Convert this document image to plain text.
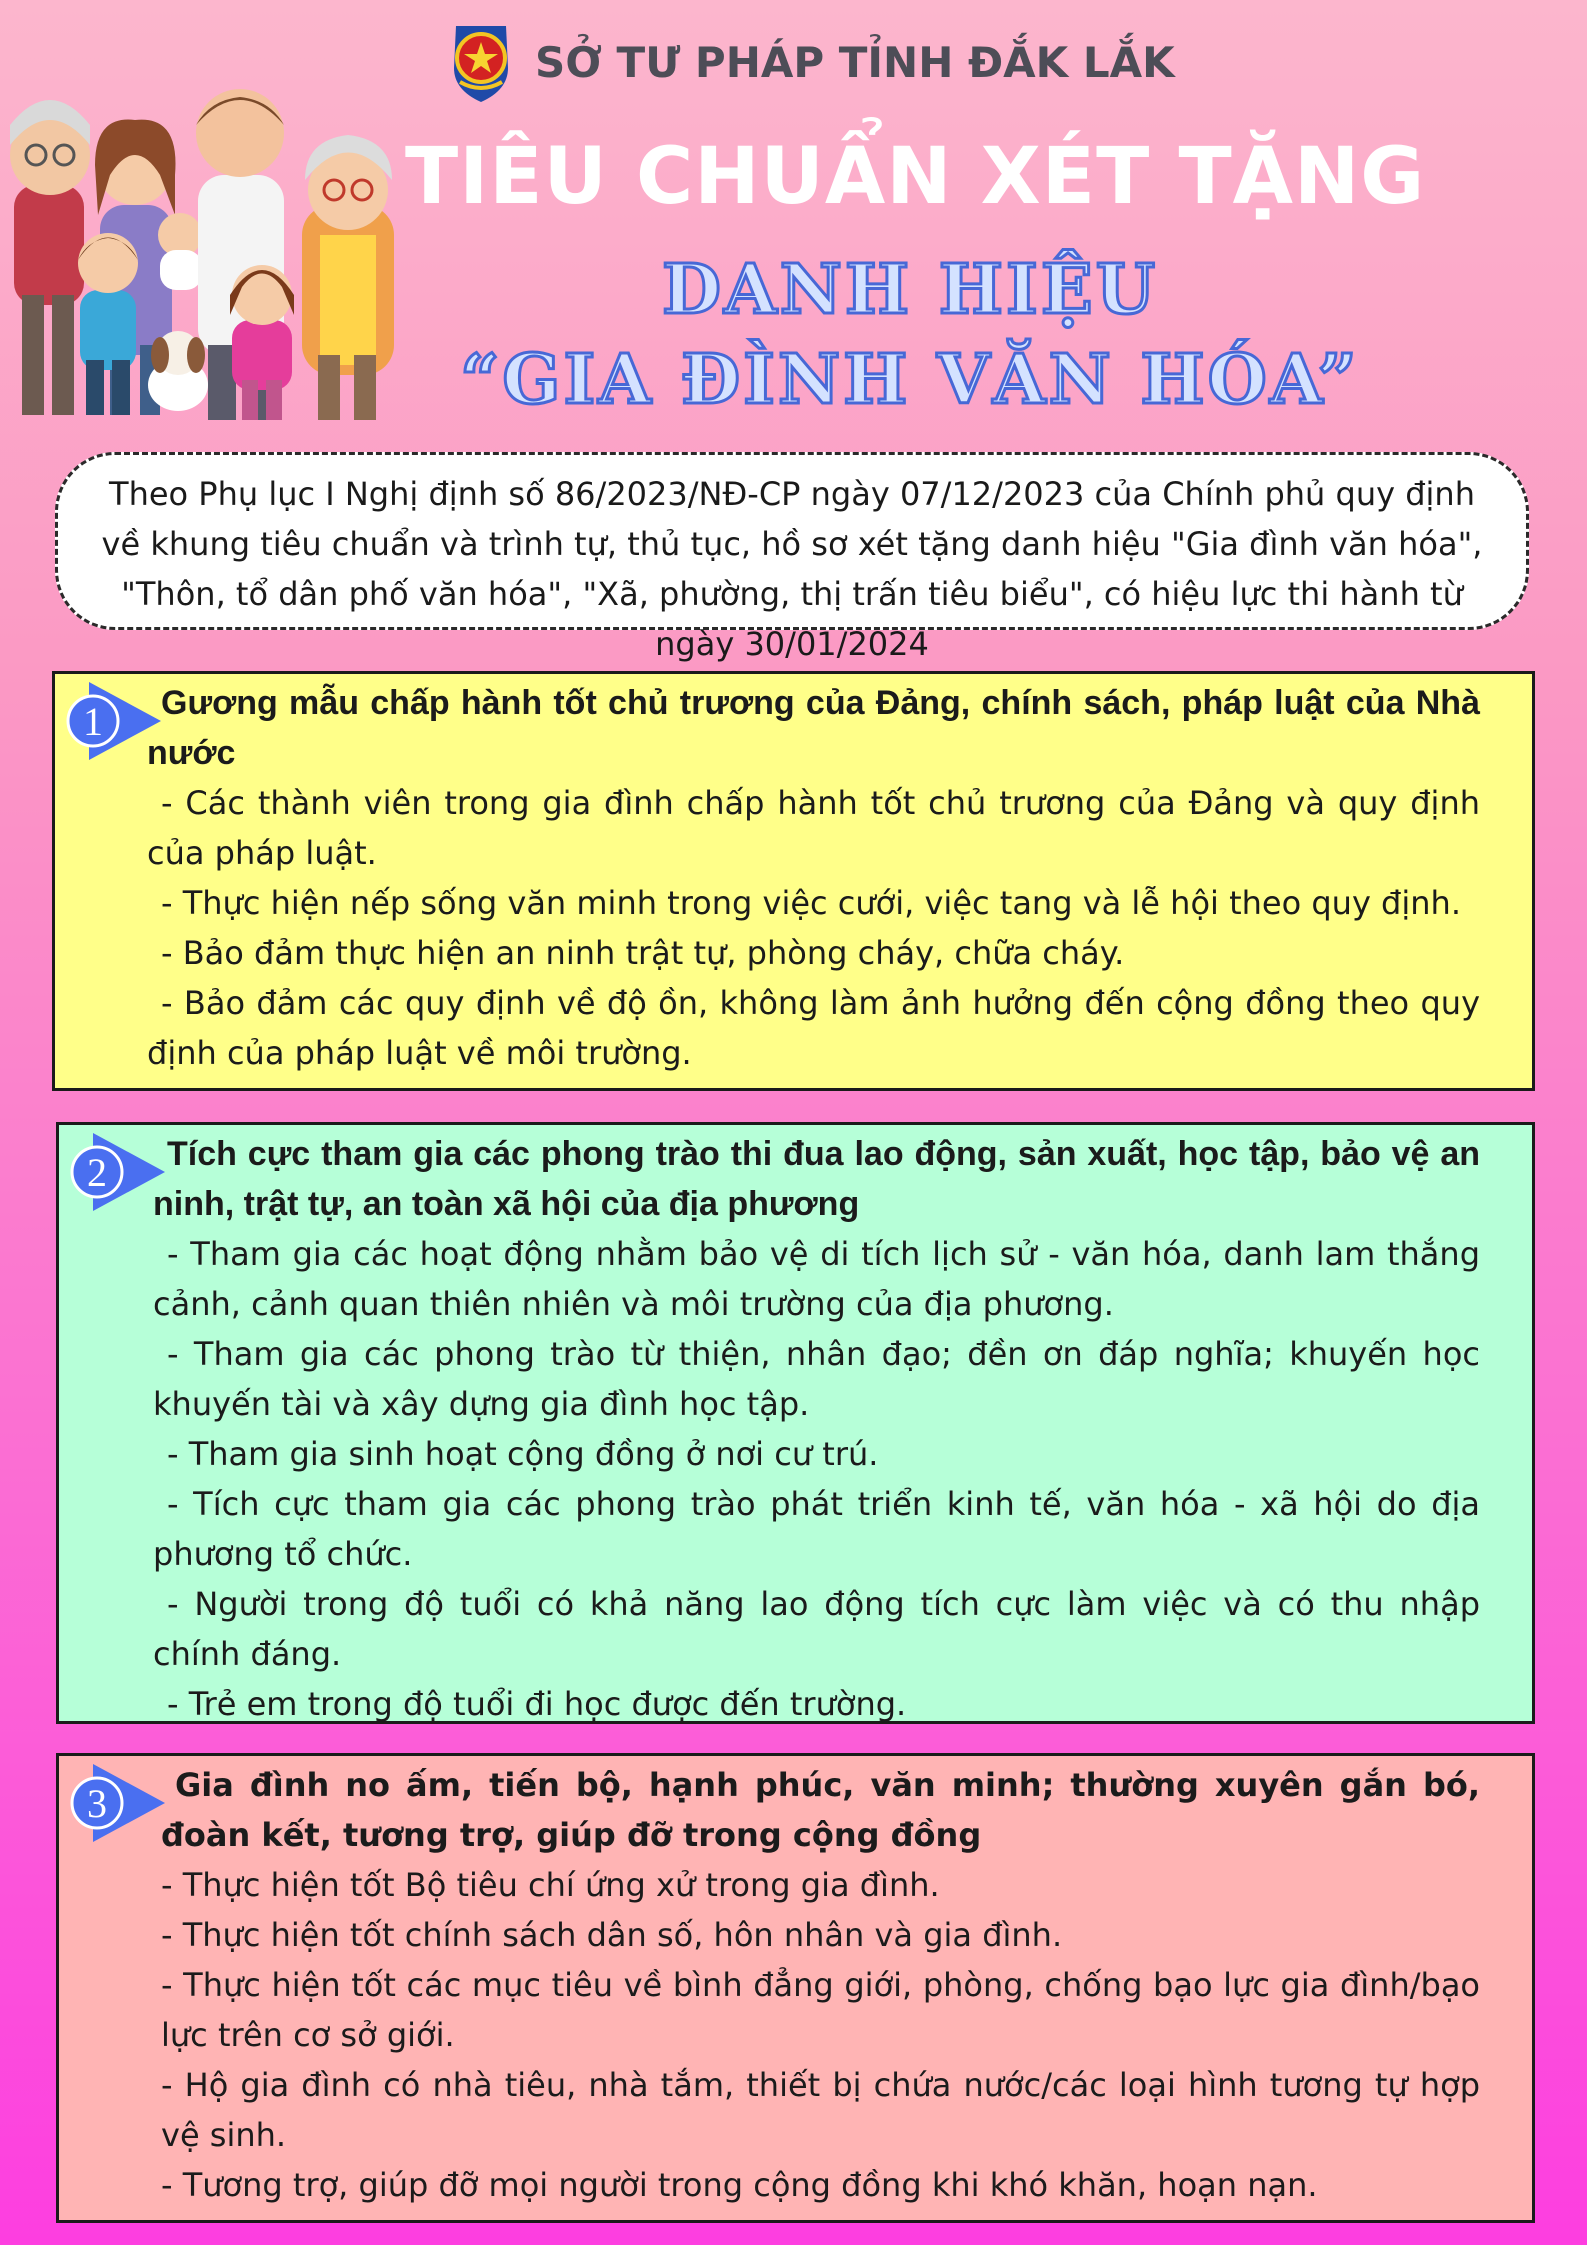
SỞ TƯ PHÁP TỈNH ĐẮK LẮK
TIÊU CHUẨN XÉT TẶNG
DANH HIỆU
“GIA ĐÌNH VĂN HÓA”
Theo Phụ lục I Nghị định số 86/2023/NĐ-CP ngày 07/12/2023 của Chính phủ quy định về khung tiêu chuẩn và trình tự, thủ tục, hồ sơ xét tặng danh hiệu "Gia đình văn hóa", "Thôn, tổ dân phố văn hóa", "Xã, phường, thị trấn tiêu biểu", có hiệu lực thi hành từ ngày 30/01/2024
1	Gương mẫu chấp hành tốt chủ trương của Đảng, chính sách, pháp luật của Nhà nước
- Các thành viên trong gia đình chấp hành tốt chủ trương của Đảng và quy định của pháp luật.
- Thực hiện nếp sống văn minh trong việc cưới, việc tang và lễ hội theo quy định.
- Bảo đảm thực hiện an ninh trật tự, phòng cháy, chữa cháy.
- Bảo đảm các quy định về độ ồn, không làm ảnh hưởng đến cộng đồng theo quy định của pháp luật về môi trường.
2	Tích cực tham gia các phong trào thi đua lao động, sản xuất, học tập, bảo vệ an ninh, trật tự, an toàn xã hội của địa phương
- Tham gia các hoạt động nhằm bảo vệ di tích lịch sử - văn hóa, danh lam thắng cảnh, cảnh quan thiên nhiên và môi trường của địa phương.
- Tham gia các phong trào từ thiện, nhân đạo; đền ơn đáp nghĩa; khuyến học khuyến tài và xây dựng gia đình học tập.
- Tham gia sinh hoạt cộng đồng ở nơi cư trú.
- Tích cực tham gia các phong trào phát triển kinh tế, văn hóa - xã hội do địa phương tổ chức.
- Người trong độ tuổi có khả năng lao động tích cực làm việc và có thu nhập chính đáng.
- Trẻ em trong độ tuổi đi học được đến trường.
3	Gia đình no ấm, tiến bộ, hạnh phúc, văn minh; thường xuyên gắn bó, đoàn kết, tương trợ, giúp đỡ trong cộng đồng
- Thực hiện tốt Bộ tiêu chí ứng xử trong gia đình.
- Thực hiện tốt chính sách dân số, hôn nhân và gia đình.
- Thực hiện tốt các mục tiêu về bình đẳng giới, phòng, chống bạo lực gia đình/bạo lực trên cơ sở giới.
- Hộ gia đình có nhà tiêu, nhà tắm, thiết bị chứa nước/các loại hình tương tự hợp vệ sinh.
- Tương trợ, giúp đỡ mọi người trong cộng đồng khi khó khăn, hoạn nạn.
